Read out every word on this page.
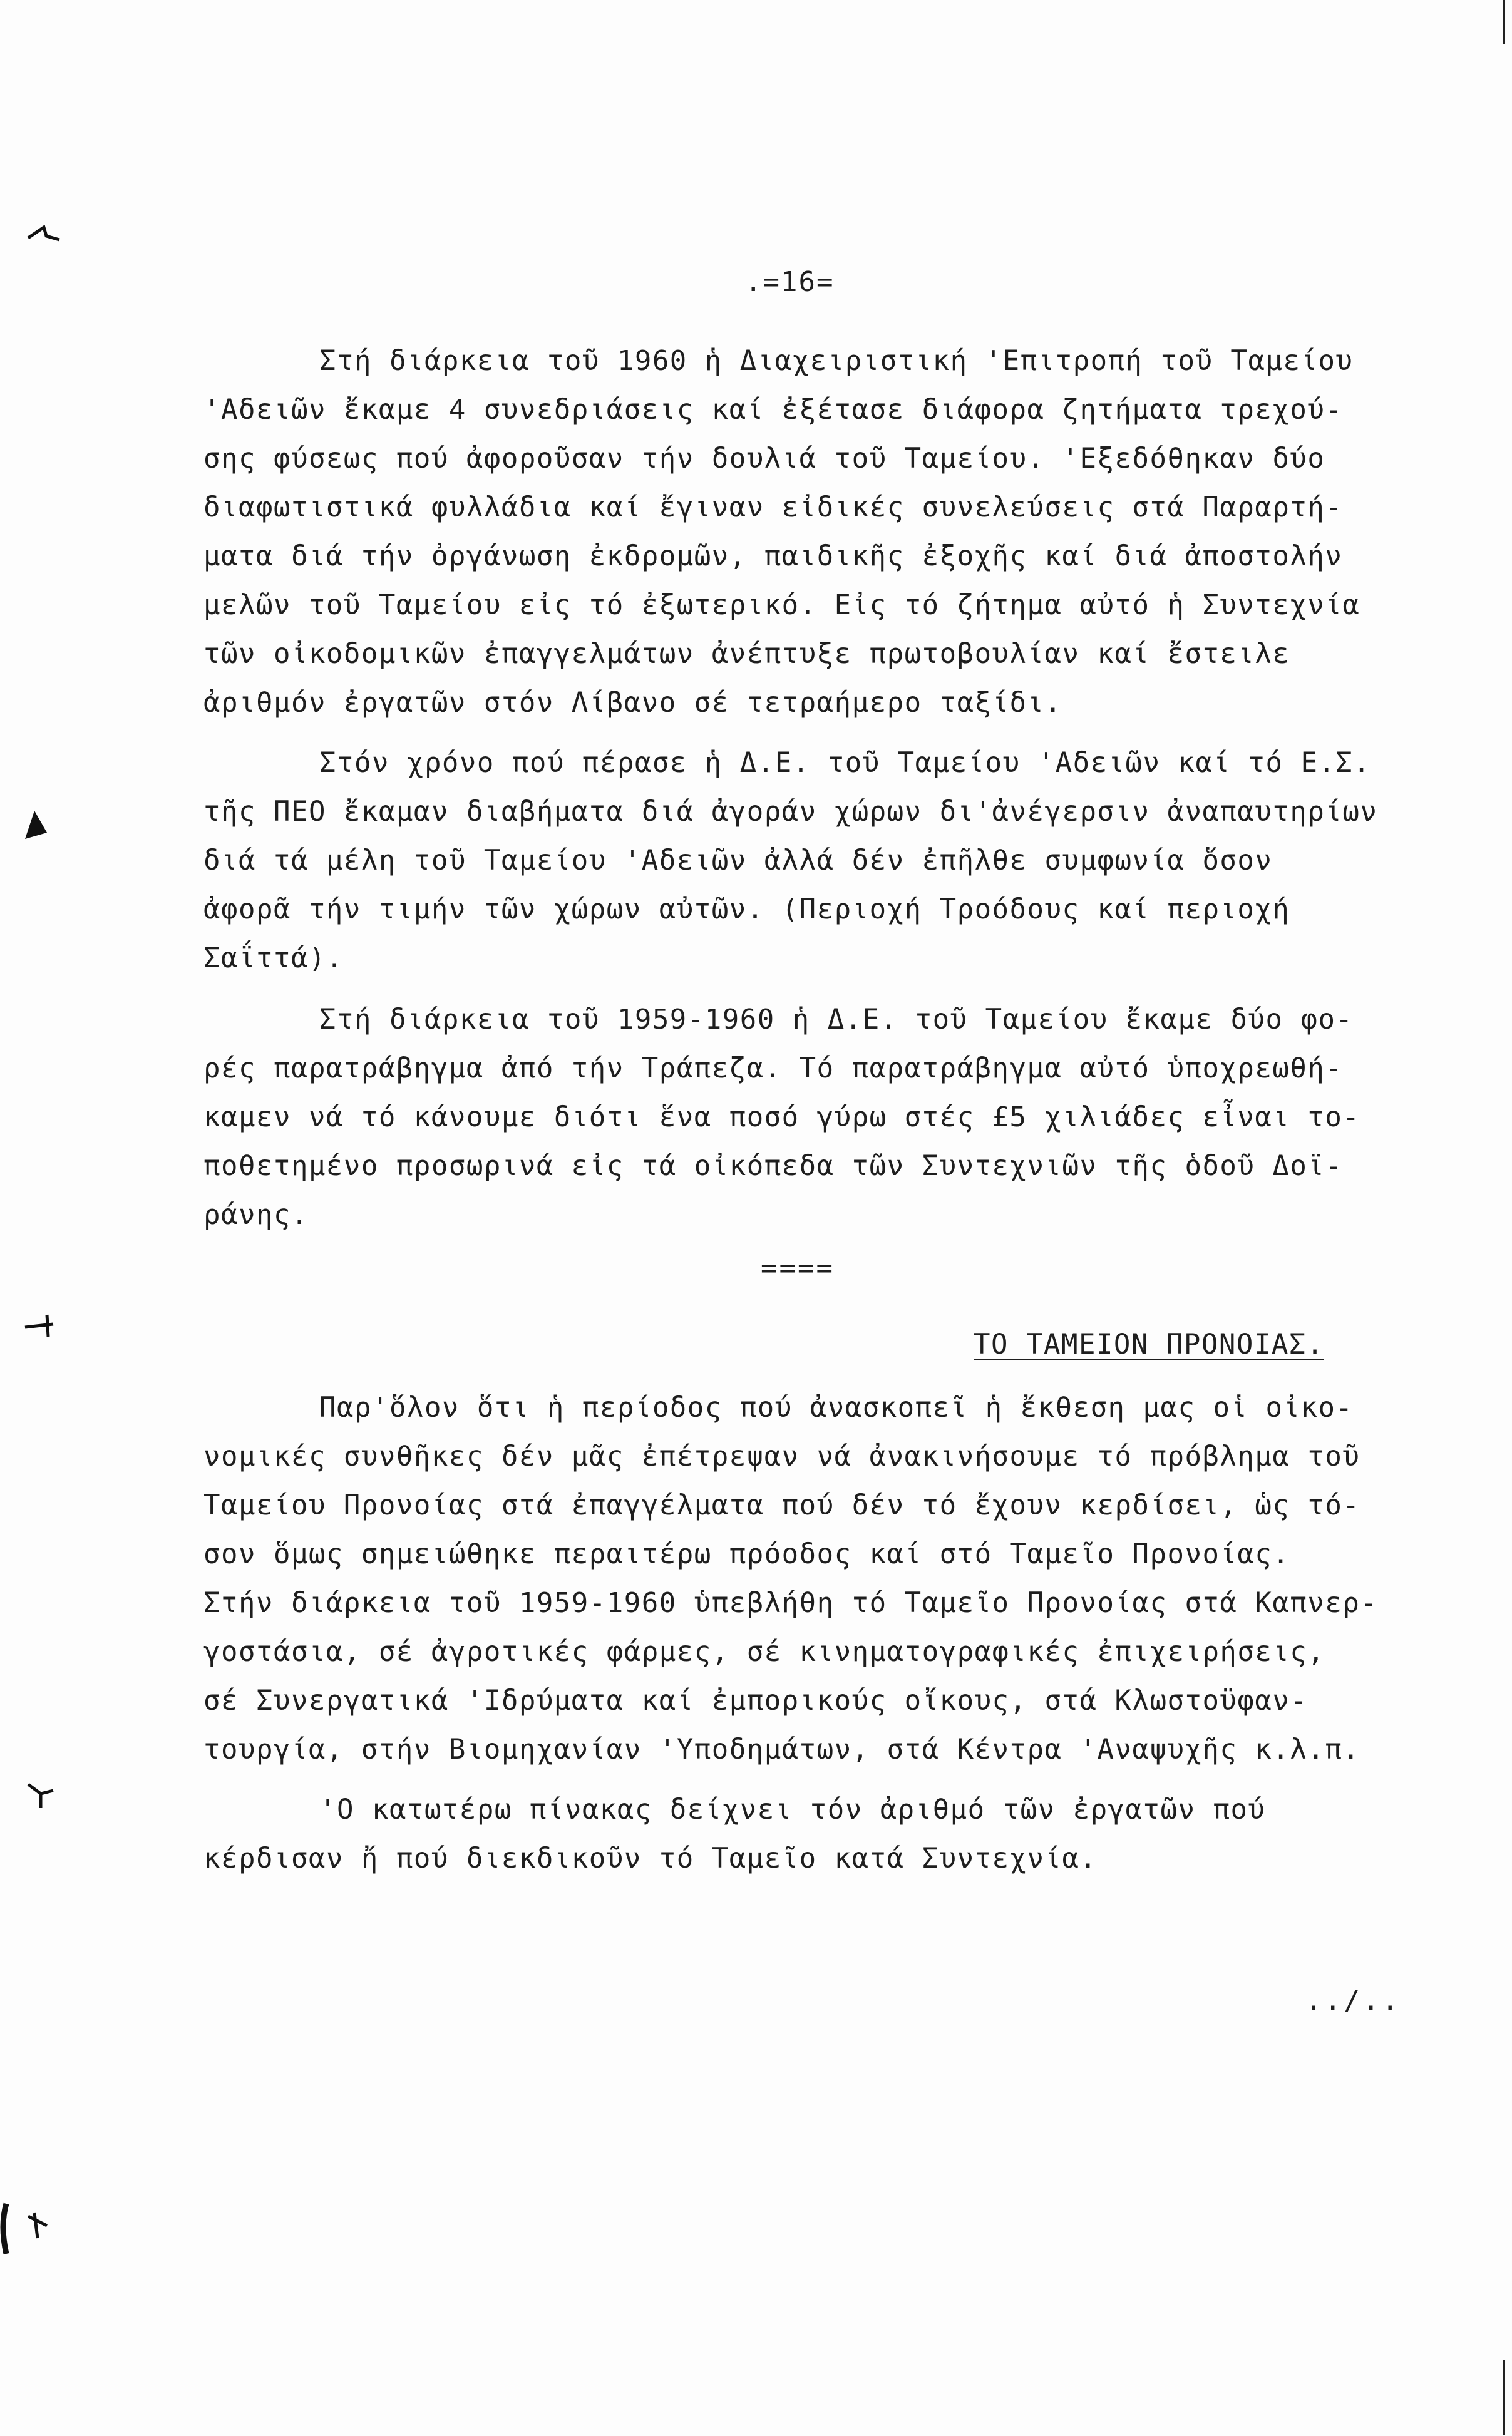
.=16=
Στή διάρκεια τοῦ 1960 ἡ Διαχειριστική 'Επιτροπή τοῦ Ταμείου
'Αδειῶν ἔκαμε 4 συνεδριάσεις καί ἐξέτασε διάφορα ζητήματα τρεχού-
σης φύσεως πού ἀφοροῦσαν τήν δουλιά τοῦ Ταμείου. 'Εξεδόθηκαν δύο
διαφωτιστικά φυλλάδια καί ἔγιναν εἰδικές συνελεύσεις στά Παραρτή-
ματα διά τήν ὀργάνωση ἐκδρομῶν, παιδικῆς ἐξοχῆς καί διά ἀποστολήν
μελῶν τοῦ Ταμείου εἰς τό ἐξωτερικό. Εἰς τό ζήτημα αὐτό ἡ Συντεχνία
τῶν οἰκοδομικῶν ἐπαγγελμάτων ἀνέπτυξε πρωτοβουλίαν καί ἔστειλε
ἀριθμόν ἐργατῶν στόν Λίβανο σέ τετραήμερο ταξίδι.
Στόν χρόνο πού πέρασε ἡ Δ.Ε. τοῦ Ταμείου 'Αδειῶν καί τό Ε.Σ.
τῆς ΠΕΟ ἔκαμαν διαβήματα διά ἀγοράν χώρων δι'ἀνέγερσιν ἀναπαυτηρίων
διά τά μέλη τοῦ Ταμείου 'Αδειῶν ἀλλά δέν ἐπῆλθε συμφωνία ὅσον
ἀφορᾶ τήν τιμήν τῶν χώρων αὐτῶν. (Περιοχή Τροόδους καί περιοχή
Σαΐττά).
Στή διάρκεια τοῦ 1959-1960 ἡ Δ.Ε. τοῦ Ταμείου ἔκαμε δύο φο-
ρές παρατράβηγμα ἀπό τήν Τράπεζα. Τό παρατράβηγμα αὐτό ὑποχρεωθή-
καμεν νά τό κάνουμε διότι ἕνα ποσό γύρω στές £5 χιλιάδες εἶναι το-
ποθετημένο προσωρινά εἰς τά οἰκόπεδα τῶν Συντεχνιῶν τῆς ὁδοῦ Δοϊ-
ράνης.
====
ΤΟ ΤΑΜΕΙΟΝ ΠΡΟΝΟΙΑΣ.
Παρ'ὅλον ὅτι ἡ περίοδος πού ἀνασκοπεῖ ἡ ἔκθεση μας οἱ οἰκο-
νομικές συνθῆκες δέν μᾶς ἐπέτρεψαν νά ἀνακινήσουμε τό πρόβλημα τοῦ
Ταμείου Προνοίας στά ἐπαγγέλματα πού δέν τό ἔχουν κερδίσει, ὡς τό-
σον ὅμως σημειώθηκε περαιτέρω πρόοδος καί στό Ταμεῖο Προνοίας.
Στήν διάρκεια τοῦ 1959-1960 ὑπεβλήθη τό Ταμεῖο Προνοίας στά Καπνερ-
γοστάσια, σέ ἀγροτικές φάρμες, σέ κινηματογραφικές ἐπιχειρήσεις,
σέ Συνεργατικά 'Ιδρύματα καί ἐμπορικούς οἴκους, στά Κλωστοϋφαν-
τουργία, στήν Βιομηχανίαν 'Υποδημάτων, στά Κέντρα 'Αναψυχῆς κ.λ.π.
'Ο κατωτέρω πίνακας δείχνει τόν ἀριθμό τῶν ἐργατῶν πού
κέρδισαν ἤ πού διεκδικοῦν τό Ταμεῖο κατά Συντεχνία.
../..
